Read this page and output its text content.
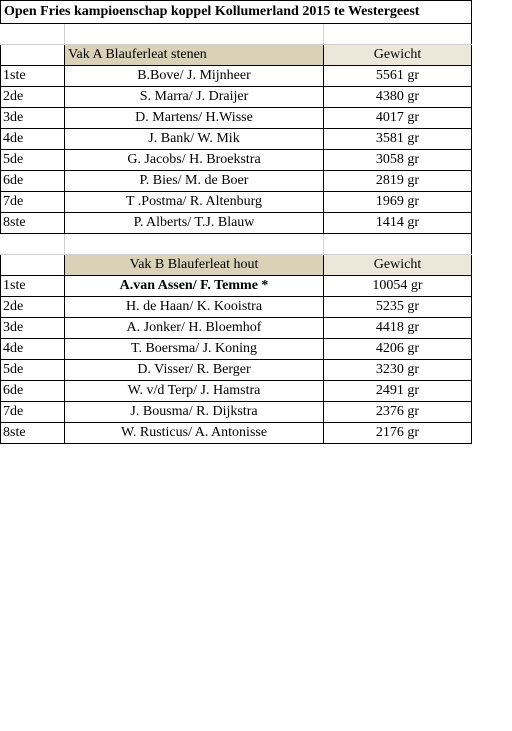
Open Fries kampioenschap koppel Kollumerland 2015 te Westergeest		

	Vak A Blauferleat stenen	Gewicht
1ste	B.Bove/ J. Mijnheer	5561 gr
2de	S. Marra/ J. Draijer	4380 gr
3de	D. Martens/ H.Wisse	4017 gr
4de	J. Bank/ W. Mik	3581 gr
5de	G. Jacobs/ H. Broekstra	3058 gr
6de	P. Bies/ M. de Boer	2819 gr
7de	T .Postma/ R. Altenburg	1969 gr
8ste	P. Alberts/ T.J. Blauw	1414 gr

	Vak B Blauferleat hout	Gewicht
1ste	A.van Assen/ F. Temme *	10054 gr
2de	H. de Haan/ K. Kooistra	5235 gr
3de	A. Jonker/ H. Bloemhof	4418 gr
4de	T. Boersma/ J. Koning	4206 gr
5de	D. Visser/ R. Berger	3230 gr
6de	W. v/d Terp/ J. Hamstra	2491 gr
7de	J. Bousma/ R. Dijkstra	2376 gr
8ste	W. Rusticus/ A. Antonisse	2176 gr
